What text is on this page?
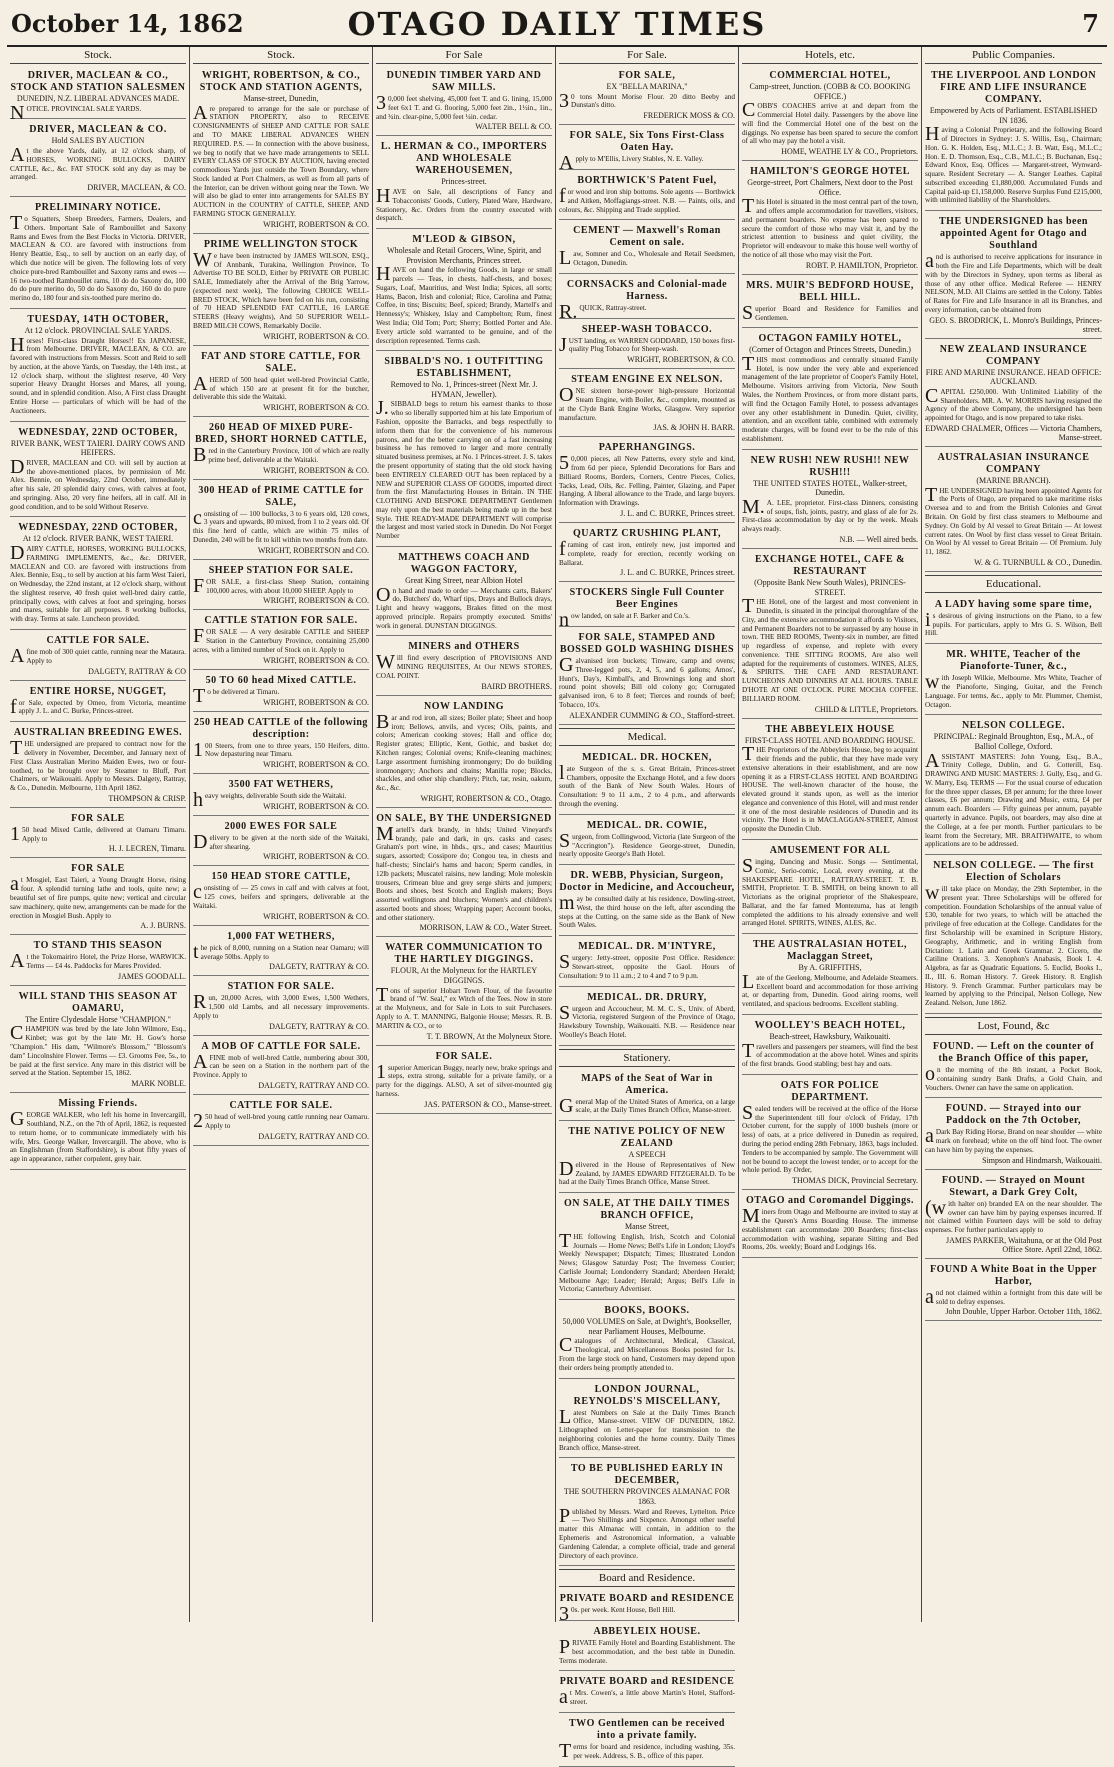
October 14, 1862	OTAGO DAILY TIMES	7
Stock.
DRIVER, MACLEAN & CO., STOCK AND STATION SALESMEN
DUNEDIN, N.Z. LIBERAL ADVANCES MADE.
NOTICE. PROVINCIAL SALE YARDS.
DRIVER, MACLEAN & CO.
Hold SALES BY AUCTION
At the above Yards, daily, at 12 o'clock sharp, of HORSES, WORKING BULLOCKS, DAIRY CATTLE, &c., &c. FAT STOCK sold any day as may be arranged.
DRIVER, MACLEAN, & CO.
PRELIMINARY NOTICE.
To Squatters, Sheep Breeders, Farmers, Dealers, and Others. Important Sale of Rambouillet and Saxony Rams and Ewes from the Best Flocks in Victoria. DRIVER, MACLEAN & CO. are favored with instructions from Henry Beattie, Esq., to sell by auction on an early day, of which due notice will be given. The following lots of very choice pure-bred Rambouillet and Saxony rams and ewes — 16 two-toothed Rambouillet rams, 10 do do Saxony do, 100 do do pure merino do, 50 do do Saxony do, 160 do do pure merino do, 180 four and six-toothed pure merino do.
TUESDAY, 14TH OCTOBER,
At 12 o'clock. PROVINCIAL SALE YARDS.
Horses! First-class Draught Horses!! Ex JAPANESE, from Melbourne. DRIVER, MACLEAN, & CO. are favored with instructions from Messrs. Scott and Reid to sell by auction, at the above Yards, on Tuesday, the 14th inst., at 12 o'clock sharp, without the slightest reserve, 40 Very superior Heavy Draught Horses and Mares, all young, sound, and in splendid condition. Also, A First class Draught Entire Horse — particulars of which will be had of the Auctioneers.
WEDNESDAY, 22ND OCTOBER,
RIVER BANK, WEST TAIERI. DAIRY COWS AND HEIFERS.
DRIVER, MACLEAN and CO. will sell by auction at the above-mentioned places, by permission of Mr. Alex. Bennie, on Wednesday, 22nd October, immediately after his sale, 20 splendid dairy cows, with calves at foot, and springing. Also, 20 very fine heifers, all in calf. All in good condition, and to be sold Without Reserve.
WEDNESDAY, 22ND OCTOBER,
At 12 o'clock. RIVER BANK, WEST TAIERI.
DAIRY CATTLE, HORSES, WORKING BULLOCKS, FARMING IMPLEMENTS, &c., &c. DRIVER, MACLEAN and CO. are favored with instructions from Alex. Bennie, Esq., to sell by auction at his farm West Taieri, on Wednesday, the 22nd instant, at 12 o'clock sharp, without the slightest reserve, 40 fresh quiet well-bred dairy cattle, principally cows, with calves at foot and springing, horses and mares, suitable for all purposes. 8 working bullocks, with dray. Terms at sale. Luncheon provided.
CATTLE FOR SALE.
Afine mob of 300 quiet cattle, running near the Mataura. Apply to
DALGETY, RATTRAY & CO
ENTIRE HORSE, NUGGET,
for Sale, expected by Omeo, from Victoria, meantime apply J. L. and C. Burke, Princes-street.
AUSTRALIAN BREEDING EWES.
THE undersigned are prepared to contract now for the delivery in November, December, and January next of First Class Australian Merino Maiden Ewes, two or four-toothed, to be brought over by Steamer to Bluff, Port Chalmers, or Waikouaiti. Apply to Messrs. Dalgety, Rattray, & Co., Dunedin. Melbourne, 11th April 1862.
THOMPSON & CRISP.
FOR SALE
150 head Mixed Cattle, delivered at Oamaru Timaru. Apply to
H. J. LECREN, Timaru.
FOR SALE
at Mosgiel, East Taieri, a Young Draught Horse, rising four. A splendid turning lathe and tools, quite new; a beautiful set of fire pumps, quite new; vertical and circular saw machinery, quite new, arrangements can be made for the erection in Mosgiel Bush. Apply to
A. J. BURNS.
TO STAND THIS SEASON
At the Tokomairiro Hotel, the Prize Horse, WARWICK. Terms — £4 4s. Paddocks for Mares Provided.
JAMES GOODALL.
WILL STAND THIS SEASON AT OAMARU,
The Entire Clydesdale Horse "CHAMPION."
CHAMPION was bred by the late John Wilmore, Esq., Kinbet; was got by the late Mr. H. Gow's horse "Champion." His dam, "Wilmore's Blossom," "Blossom's dam" Lincolnshire Flower. Terms — £3. Grooms Fee, 5s., to be paid at the first service. Any mare in this district will be served at the Station. September 15, 1862.
MARK NOBLE.
Missing Friends.
GEORGE WALKER, who left his home in Invercargill, Southland, N.Z., on the 7th of April, 1862, is requested to return home, or to communicate immediately with his wife, Mrs. George Walker, Invercargill. The above, who is an Englishman (from Staffordshire), is about fifty years of age in appearance, rather corpulent, grey hair.
Stock.
WRIGHT, ROBERTSON, & CO., STOCK AND STATION AGENTS,
Manse-street, Dunedin,
Are prepared to arrange for the sale or purchase of STATION PROPERTY, also to RECEIVE CONSIGNMENTS of SHEEP AND CATTLE FOR SALE and TO MAKE LIBERAL ADVANCES WHEN REQUIRED. P.S. — In connection with the above business, we beg to notify that we have made arrangements to SELL EVERY CLASS OF STOCK BY AUCTION, having erected commodious Yards just outside the Town Boundary, where Stock landed at Port Chalmers, as well as from all parts of the Interior, can be driven without going near the Town. We will also be glad to enter into arrangements for SALES BY AUCTION in the COUNTRY of CATTLE, SHEEP, AND FARMING STOCK GENERALLY.
WRIGHT, ROBERTSON & CO.
PRIME WELLINGTON STOCK
We have been instructed by JAMES WILSON, ESQ., Of Annbank, Turakina, Wellington Province, To Advertise TO BE SOLD, Either by PRIVATE OR PUBLIC SALE, Immediately after the Arrival of the Brig Yarrow, (expected next week), The following CHOICE WELL-BRED STOCK, Which have been fed on his run, consisting of 70 HEAD SPLENDID FAT CATTLE, 16 LARGE STEERS (Heavy weights), And 50 SUPERIOR WELL-BRED MILCH COWS, Remarkably Docile.
WRIGHT, ROBERTSON & CO.
FAT AND STORE CATTLE, FOR SALE.
AHERD of 500 head quiet well-bred Provincial Cattle, of which 150 are at present fit for the butcher, deliverable this side the Waitaki.
WRIGHT, ROBERTSON & CO.
260 HEAD OF MIXED PURE-BRED, SHORT HORNED CATTLE,
Bred in the Canterbury Province, 100 of which are really prime beef, deliverable at the Waitaki.
WRIGHT, ROBERTSON & CO.
300 HEAD of PRIME CATTLE for SALE,
consisting of — 100 bullocks, 3 to 6 years old, 120 cows, 3 years and upwards, 80 mixed, from 1 to 2 years old. Of this fine herd of cattle, which are within 75 miles of Dunedin, 240 will be fit to kill within two months from date.
WRIGHT, ROBERTSON and CO.
SHEEP STATION FOR SALE.
FOR SALE, a first-class Sheep Station, containing 100,000 acres, with about 10,000 SHEEP. Apply to
WRIGHT, ROBERTSON & CO.
CATTLE STATION FOR SALE.
FOR SALE — A very desirable CATTLE and SHEEP Station in the Canterbury Province, containing 25,000 acres, with a limited number of Stock on it. Apply to
WRIGHT, ROBERTSON & CO.
50 TO 60 head Mixed CATTLE.
To be delivered at Timaru.
WRIGHT, ROBERTSON & CO.
250 HEAD CATTLE of the following description:
100 Steers, from one to three years, 150 Heifers, ditto. Now depasturing near Timaru.
WRIGHT, ROBERTSON & CO.
3500 FAT WETHERS,
heavy weights, deliverable South side the Waitaki.
WRIGHT, ROBERTSON & CO.
2000 EWES FOR SALE
Delivery to be given at the north side of the Waitaki, after shearing.
WRIGHT, ROBERTSON & CO.
150 HEAD STORE CATTLE,
consisting of — 25 cows in calf and with calves at foot, 125 cows, heifers and springers, deliverable at the Waitaki.
WRIGHT, ROBERTSON & CO.
1,000 FAT WETHERS,
the pick of 8,000, running on a Station near Oamaru; will average 50lbs. Apply to
DALGETY, RATTRAY & CO.
STATION FOR SALE.
Run, 20,000 Acres, with 3,000 Ewes, 1,500 Wethers, 1,500 old Lambs, and all necessary improvements. Apply to
DALGETY, RATTRAY & CO.
A MOB OF CATTLE FOR SALE.
AFINE mob of well-bred Cattle, numbering about 300, can be seen on a Station in the northern part of the Province. Apply to
DALGETY, RATTRAY AND CO.
CATTLE FOR SALE.
250 head of well-bred young cattle running near Oamaru. Apply to
DALGETY, RATTRAY AND CO.
For Sale
DUNEDIN TIMBER YARD AND SAW MILLS.
30,000 feet shelving, 45,000 feet T. and G. lining, 15,000 feet 6x1 T. and G. flooring, 5,000 feet 2in., 1½in., 1in., and ¾in. clear-pine, 5,000 feet ¼in. cedar.
WALTER BELL & CO.
L. HERMAN & CO., IMPORTERS AND WHOLESALE WAREHOUSEMEN,
Princes-street.
HAVE on Sale, all descriptions of Fancy and Tobacconists' Goods, Cutlery, Plated Ware, Hardware, Stationery, &c. Orders from the country executed with despatch.
M'LEOD & GIBSON,
Wholesale and Retail Grocers, Wine, Spirit, and Provision Merchants, Princes street.
HAVE on hand the following Goods, in large or small parcels — Teas, in chests, half-chests, and boxes; Sugars, Loaf, Mauritius, and West India; Spices, all sorts; Hams, Bacon, Irish and colonial; Rice, Carolina and Patna; Coffee, in tins; Biscuits; Beef, spiced; Brandy, Martell's and Hennessy's; Whiskey, Islay and Campbelton; Rum, finest West India; Old Tom; Port; Sherry; Bottled Porter and Ale. Every article sold warranted to be genuine, and of the description represented. Terms cash.
SIBBALD'S NO. 1 OUTFITTING ESTABLISHMENT,
Removed to No. 1, Princes-street (Next Mr. J. HYMAN, Jeweller).
J.SIBBALD begs to return his earnest thanks to those who so liberally supported him at his late Emporium of Fashion, opposite the Barracks, and begs respectfully to inform them that for the convenience of his numerous patrons, and for the better carrying on of a fast increasing business he has removed to larger and more centrally situated business premises, at No. 1 Princes-street. J. S. takes the present opportunity of stating that the old stock having been ENTIRELY CLEARED OUT has been replaced by a NEW and SUPERIOR CLASS OF GOODS, imported direct from the first Manufacturing Houses in Britain. IN THE CLOTHING AND BESPOKE DEPARTMENT Gentlemen may rely upon the best materials being made up in the best Style. THE READY-MADE DEPARTMENT will comprise the largest and most varied stock in Dunedin. Do Not Forget Number
MATTHEWS COACH AND WAGGON FACTORY,
Great King Street, near Albion Hotel
On hand and made to order — Merchants carts, Bakers' do, Butchers' do, Wharf tips, Drays and Bullock drays, Light and heavy waggons, Brakes fitted on the most approved principle. Repairs promptly executed. Smiths' work in general. DUNSTAN DIGGINGS.
MINERS and OTHERS
Will find every description of PROVISIONS AND MINING REQUISITES, At Our NEWS STORES, COAL POINT.
BAIRD BROTHERS.
NOW LANDING
Bar and rod iron, all sizes; Boiler plate; Sheet and hoop iron; Bellows, anvils, and vyces; Oils, paints, and colors; American cooking stoves; Hall and office do; Register grates; Elliptic, Kent, Gothic, and basket do; Kitchen ranges; Colonial ovens; Knife-cleaning machines; Large assortment furnishing ironmongery; Do do building ironmongery; Anchors and chains; Manilla rope; Blocks, shackles, and other ship chandlery; Pitch, tar, resin, oakum, &c., &c.
WRIGHT, ROBERTSON & CO., Otago.
ON SALE, BY THE UNDERSIGNED
Martell's dark brandy, in hhds; United Vineyard's brandy, pale and dark, in qrs. casks and cases; Graham's port wine, in hhds., qrs., and cases; Mauritius sugars, assorted; Cossipore do; Congou tea, in chests and half-chests; Sinclair's hams and bacon; Sperm candles, in 12lb packets; Muscatel raisins, new landing; Mole moleskin trousers, Crimean blue and grey serge shirts and jumpers; Boots and shoes, best Scotch and English makers; Boys assorted wellingtons and bluchers; Women's and children's assorted boots and shoes; Wrapping paper; Account books, and other stationery.
MORRISON, LAW & CO., Water Street.
WATER COMMUNICATION TO THE HARTLEY DIGGINGS.
FLOUR, At the Molyneux for the HARTLEY DIGGINGS.
Tons of superior Hobart Town Flour, of the favourite brand of "W. Seal," ex Witch of the Tees. Now in store at the Molyneux, and for Sale in Lots to suit Purchasers. Apply to A. T. MANNING, Balgonie House; Messrs. R. B. MARTIN & CO., or to
T. T. BROWN, At the Molyneux Store.
FOR SALE.
1superior American Buggy, nearly new, brake springs and steps, extra strong, suitable for a private family, or a party for the diggings. ALSO, A set of silver-mounted gig harness.
JAS. PATERSON & CO., Manse-street.
For Sale.
FOR SALE,
EX "BELLA MARINA,"
30 tons Mount Morise Flour. 20 ditto Beeby and Dunstan's ditto.
FREDERICK MOSS & CO.
FOR SALE, Six Tons First-Class Oaten Hay.
Apply to M'Ellis, Livery Stables, N. E. Valley.
BORTHWICK'S Patent Fuel,
for wood and iron ship bottoms. Sole agents — Borthwick and Aitken, Moffagiangs-street. N.B. — Paints, oils, and colours, &c. Shipping and Trade supplied.
CEMENT — Maxwell's Roman Cement on sale.
Law, Somner and Co., Wholesale and Retail Seedsmen, Octagon, Dunedin.
CORNSACKS and Colonial-made Harness.
R.QUICK, Rattray-street.
SHEEP-WASH TOBACCO.
JUST landing, ex WARREN GODDARD, 150 boxes first-quality Plug Tobacco for Sheep-wash.
WRIGHT, ROBERTSON, & CO.
STEAM ENGINE EX NELSON.
ONE sixteen horse-power high-pressure Horizontal Steam Engine, with Boiler, &c., complete, mounted as at the Clyde Bank Engine Works, Glasgow. Very superior manufacture.
JAS. & JOHN H. BARR.
PAPERHANGINGS.
50,000 pieces, all New Patterns, every style and kind, from 6d per piece, Splendid Decorations for Bars and Billiard Rooms, Borders, Corners, Centre Pieces, Colics, Tacks, Lead, Oils, &c. Felling, Painter, Glazing, and Paper Hanging. A liberal allowance to the Trade, and large buyers. Information with Drawings.
J. L. and C. BURKE, Princes street.
QUARTZ CRUSHING PLANT,
framing of cast iron, entirely new, just imported and complete, ready for erection, recently working on Ballarat.
J. L. and C. BURKE, Princes street.
STOCKERS Single Full Counter Beer Engines
now landed, on sale at F. Barker and Co.'s.
FOR SALE, STAMPED AND BOSSED GOLD WASHING DISHES
Galvanised iron buckets; Tinware, camp and ovens; Three-legged pots, 2, 4, 5, and 6 gallons; Amos', Hunt's, Day's, Kimball's, and Brownings long and short round point shovels; Bill old colony go; Corrugated galvanised iron, 6 to 8 feet; Tierces and rounds of beef; Tobacco, 10's.
ALEXANDER CUMMING & CO., Stafford-street.
Medical.
MEDICAL. DR. HOCKEN,
late Surgeon of the s. s. Great Britain, Princes-street Chambers, opposite the Exchange Hotel, and a few doors south of the Bank of New South Wales. Hours of Consultation: 9 to 11 a.m., 2 to 4 p.m., and afterwards through the evening.
MEDICAL. DR. COWIE,
Surgeon, from Collingwood, Victoria (late Surgeon of the "Accrington"). Residence George-street, Dunedin, nearly opposite George's Bath Hotel.
DR. WEBB, Physician, Surgeon, Doctor in Medicine, and Accoucheur,
may be consulted daily at his residence, Dowling-street, West, the third house on the left, after ascending the steps at the Cutting, on the same side as the Bank of New South Wales.
MEDICAL. DR. M'INTYRE,
Surgery: Jetty-street, opposite Post Office. Residence: Stewart-street, opposite the Gaol. Hours of Consultation: 9 to 11 a.m.; 2 to 4 and 7 to 9 p.m.
MEDICAL. DR. DRURY,
Surgeon and Accoucheur, M. M. C. S., Univ. of Aberd, Victoria, registered Surgeon of the Province of Otago, Hawksbury Township, Waikouaiti. N.B. — Residence near Woolley's Beach Hotel.
Stationery.
MAPS of the Seat of War in America.
General Map of the United States of America, on a large scale, at the Daily Times Branch Office, Manse-street.
THE NATIVE POLICY OF NEW ZEALAND
A SPEECH
Delivered in the House of Representatives of New Zealand, by JAMES EDWARD FITZGERALD. To be had at the Daily Times Branch Office, Manse Street.
ON SALE, AT THE DAILY TIMES BRANCH OFFICE,
Manse Street,
THE following English, Irish, Scotch and Colonial Journals — Home News; Bell's Life in London; Lloyd's Weekly Newspaper; Dispatch; Times; Illustrated London News; Glasgow Saturday Post; The Inverness Courier; Carlisle Journal; Londonderry Standard; Aberdeen Herald; Melbourne Age; Leader; Herald; Argus; Bell's Life in Victoria; Canterbury Advertiser.
BOOKS, BOOKS.
50,000 VOLUMES on Sale, at Dwight's, Bookseller, near Parliament Houses, Melbourne.
Catalogues of Architectural, Medical, Classical, Theological, and Miscellaneous Books posted for 1s. From the large stock on hand, Customers may depend upon their orders being promptly attended to.
LONDON JOURNAL, REYNOLDS'S MISCELLANY,
Latest Numbers on Sale at the Daily Times Branch Office, Manse-street. VIEW OF DUNEDIN, 1862. Lithographed on Letter-paper for transmission to the neighboring colonies and the home country. Daily Times Branch office, Manse-street.
TO BE PUBLISHED EARLY IN DECEMBER,
THE SOUTHERN PROVINCES ALMANAC FOR 1863.
Published by Messrs. Ward and Reeves, Lyttelton. Price — Two Shillings and Sixpence. Amongst other useful matter this Almanac will contain, in addition to the Ephemeris and Astronomical information, a valuable Gardening Calendar, a complete official, trade and general Directory of each province.
Board and Residence.
PRIVATE BOARD and RESIDENCE
30s. per week. Kent House, Bell Hill.
ABBEYLEIX HOUSE.
PRIVATE Family Hotel and Boarding Establishment. The best accommodation, and the best table in Dunedin. Terms moderate.
PRIVATE BOARD and RESIDENCE
at Mrs. Cowen's, a little above Martin's Hotel, Stafford-street.
TWO Gentlemen can be received into a private family.
Terms for board and residence, including washing, 35s. per week. Address, S. B., office of this paper.
Hotels, etc.
COMMERCIAL HOTEL,
Camp-street, Junction. (COBB & CO. BOOKING OFFICE.)
COBB'S COACHES arrive at and depart from the Commercial Hotel daily. Passengers by the above line will find the Commercial Hotel one of the best on the diggings. No expense has been spared to secure the comfort of all who may pay the hotel a visit.
HOME, WEATHE LY & CO., Proprietors.
HAMILTON'S GEORGE HOTEL
George-street, Port Chalmers, Next door to the Post Office.
This Hotel is situated in the most central part of the town, and offers ample accommodation for travellers, visitors, and permanent boarders. No expense has been spared to secure the comfort of those who may visit it, and by the strictest attention to business and quiet civility, the Proprietor will endeavour to make this house well worthy of the notice of all those who may visit the Port.
ROBT. P. HAMILTON, Proprietor.
MRS. MUIR'S BEDFORD HOUSE, BELL HILL.
Superior Board and Residence for Families and Gentlemen.
OCTAGON FAMILY HOTEL,
(Corner of Octagon and Princes Streets, Dunedin.)
THIS most commodious and centrally situated Family Hotel, is now under the very able and experienced management of the late proprietor of Cooper's Family Hotel, Melbourne. Visitors arriving from Victoria, New South Wales, the Northern Provinces, or from more distant parts, will find the Octagon Family Hotel, to possess advantages over any other establishment in Dunedin. Quiet, civility, attention, and an excellent table, combined with extremely moderate charges, will be found ever to be the rule of this establishment.
NEW RUSH! NEW RUSH!! NEW RUSH!!!
THE UNITED STATES HOTEL, Walker-street, Dunedin.
M.A. LEE, proprietor. First-class Dinners, consisting of soups, fish, joints, pastry, and glass of ale for 2s. First-class accommodation by day or by the week. Meals always ready.
N.B. — Well aired beds.
EXCHANGE HOTEL, CAFE & RESTAURANT
(Opposite Bank New South Wales), PRINCES-STREET.
THE Hotel, one of the largest and most convenient in Dunedin, is situated in the principal thoroughfare of the City, and the extensive accommodation it affords to Visitors, and Permanent Boarders not to be surpassed by any house in town. THE BED ROOMS, Twenty-six in number, are fitted up regardless of expense, and replete with every convenience. THE SITTING ROOMS, Are also well adapted for the requirements of customers. WINES, ALES, & SPIRITS. THE CAFE AND RESTAURANT. LUNCHEONS AND DINNERS AT ALL HOURS. TABLE D'HOTE AT ONE O'CLOCK. PURE MOCHA COFFEE. BILLIARD ROOM.
CHILD & LITTLE, Proprietors.
THE ABBEYLEIX HOUSE
FIRST-CLASS HOTEL AND BOARDING HOUSE.
THE Proprietors of the Abbeyleix House, beg to acquaint their friends and the public, that they have made very extensive alterations in their establishment, and are now opening it as a FIRST-CLASS HOTEL AND BOARDING HOUSE. The well-known character of the house, the elevated ground it stands upon, as well as the interior elegance and convenience of this Hotel, will and must render it one of the most desirable residences of Dunedin and its vicinity. The Hotel is in MACLAGGAN-STREET, Almost opposite the Dunedin Club.
AMUSEMENT FOR ALL
Singing, Dancing and Music. Songs — Sentimental, Comic, Serio-comic, Local, every evening, at the SHAKESPEARE HOTEL, RATTRAY-STREET. T. B. SMITH, Proprietor. T. B. SMITH, on being known to all Victorians as the original proprietor of the Shakespeare, Ballarat, and the far famed Montezuma, has at length completed the additions to his already extensive and well arranged Hotel. SPIRITS, WINES, ALES, &c.
THE AUSTRALASIAN HOTEL, Maclaggan Street,
By A. GRIFFITHS,
Late of the Geelong, Melbourne, and Adelaide Steamers. Excellent board and accommodation for those arriving at, or departing from, Dunedin. Good airing rooms, well ventilated, and spacious bedrooms. Excellent stabling.
WOOLLEY'S BEACH HOTEL,
Beach-street, Hawksbury, Waikouaiti.
Travellers and passengers per steamers, will find the best of accommodation at the above hotel. Wines and spirits of the first brands. Good stabling; best hay and oats.
OATS FOR POLICE DEPARTMENT.
Sealed tenders will be received at the office of the Horse the Superintendent till four o'clock of Friday, 17th October current, for the supply of 1000 bushels (more or less) of oats, at a price delivered in Dunedin as required, during the period ending 28th February, 1863, bags included. Tenders to be accompanied by sample. The Government will not be bound to accept the lowest tender, or to accept for the whole period. By Order,
THOMAS DICK, Provincial Secretary.
OTAGO and Coromandel Diggings.
Miners from Otago and Melbourne are invited to stay at the Queen's Arms Boarding House. The immense establishment can accommodate 200 Boarders; first-class accommodation with washing, separate Sitting and Bed Rooms, 20s. weekly; Board and Lodgings 16s.
Public Companies.
THE LIVERPOOL AND LONDON FIRE AND LIFE INSURANCE COMPANY.
Empowered by Acts of Parliament. ESTABLISHED IN 1836.
Having a Colonial Proprietary, and the following Board of Directors in Sydney: J. S. Willis, Esq., Chairman; Hon. G. K. Holden, Esq., M.L.C.; J. B. Watt, Esq., M.L.C.; Hon. E. D. Thomson, Esq., C.B., M.L.C.; B. Buchanan, Esq.; Edward Knox, Esq. Offices — Margaret-street, Wynward-square. Resident Secretary — A. Stanger Leathes. Capital subscribed exceeding £1,880,000. Accumulated Funds and Capital paid-up £1,158,000. Reserve Surplus Fund £215,000, with unlimited liability of the Shareholders.
THE UNDERSIGNED has been appointed Agent for Otago and Southland
and is authorised to receive applications for insurance in both the Fire and Life Departments, which will be dealt with by the Directors in Sydney, upon terms as liberal as those of any other office. Medical Referee — HENRY NELSON, M.D. All Claims are settled in the Colony. Tables of Rates for Fire and Life Insurance in all its Branches, and every information, can be obtained from
GEO. S. BRODRICK, L. Monro's Buildings, Princes-street.
NEW ZEALAND INSURANCE COMPANY
FIRE AND MARINE INSURANCE. HEAD OFFICE: AUCKLAND.
CAPITAL £250,000. With Unlimited Liability of the Shareholders. MR. A. W. MORRIS having resigned the Agency of the above Company, the undersigned has been appointed for Otago, and is now prepared to take risks.
EDWARD CHALMER, Offices — Victoria Chambers, Manse-street.
AUSTRALASIAN INSURANCE COMPANY
(MARINE BRANCH).
THE UNDERSIGNED having been appointed Agents for the Ports of Otago, are prepared to take maritime risks Oversea and to and from the British Colonies and Great Britain. On Gold by first class steamers to Melbourne and Sydney. On Gold by Al vessel to Great Britain — At lowest current rates. On Wool by first class vessel to Great Britain. On Wool by Al vessel to Great Britain — Of Premium. July 11, 1862.
W. & G. TURNBULL & CO., Dunedin.
Educational.
A LADY having some spare time,
is desirous of giving instructions on the Piano, to a few pupils. For particulars, apply to Mrs G. S. Wilson, Bell Hill.
MR. WHITE, Teacher of the Pianoforte-Tuner, &c.,
with Joseph Wilkie, Melbourne. Mrs White, Teacher of the Pianoforte, Singing, Guitar, and the French Language. For terms, &c., apply to Mr. Plummer, Chemist, Octagon.
NELSON COLLEGE.
PRINCIPAL: Reginald Broughton, Esq., M.A., of Balliol College, Oxford.
ASSISTANT MASTERS: John Young, Esq., B.A., Trinity College, Dublin, and G. Cotterill, Esq. DRAWING AND MUSIC MASTERS: J. Gully, Esq., and G. W. Marry, Esq. TERMS — For the usual course of education for the three upper classes, £8 per annum; for the three lower classes, £6 per annum; Drawing and Music, extra, £4 per annum each. Boarders — Fifty guineas per annum, payable quarterly in advance. Pupils, not boarders, may also dine at the College, at a fee per month. Further particulars to be learnt from the Secretary, MR. BRAITHWAITE, to whom applications are to be addressed.
NELSON COLLEGE. — The first Election of Scholars
will take place on Monday, the 29th September, in the present year. Three Scholarships will be offered for competition. Foundation Scholarships of the annual value of £30, tenable for two years, to which will be attached the privilege of free education at the College. Candidates for the first Scholarship will be examined in Scripture History, Geography, Arithmetic, and in writing English from Dictation: 1. Latin and Greek Grammar. 2. Cicero, the Catiline Orations. 3. Xenophon's Anabasis, Book I. 4. Algebra, as far as Quadratic Equations. 5. Euclid, Books I., II., III. 6. Roman History. 7. Greek History. 8. English History. 9. French Grammar. Further particulars may be learned by applying to the Principal, Nelson College, New Zealand. Nelson, June 1862.
Lost, Found, &c
FOUND. — Left on the counter of the Branch Office of this paper,
on the morning of the 8th instant, a Pocket Book, containing sundry Bank Drafts, a Gold Chain, and Vouchers. Owner can have the same on application.
FOUND. — Strayed into our Paddock on the 7th October,
aDark Bay Riding Horse, Brand on near shoulder — white mark on forehead; white on the off hind foot. The owner can have him by paying the expenses.
Simpson and Hindmarsh, Waikouaiti.
FOUND. — Strayed on Mount Stewart, a Dark Grey Colt,
(with halter on) branded EA on the near shoulder. The owner can have him by paying expenses incurred. If not claimed within Fourteen days will be sold to defray expenses. For further particulars apply to
JAMES PARKER, Waitahuna, or at the Old Post Office Store. April 22nd, 1862.
FOUND A White Boat in the Upper Harbor,
and not claimed within a fortnight from this date will be sold to defray expenses.
John Double, Upper Harbor. October 11th, 1862.
